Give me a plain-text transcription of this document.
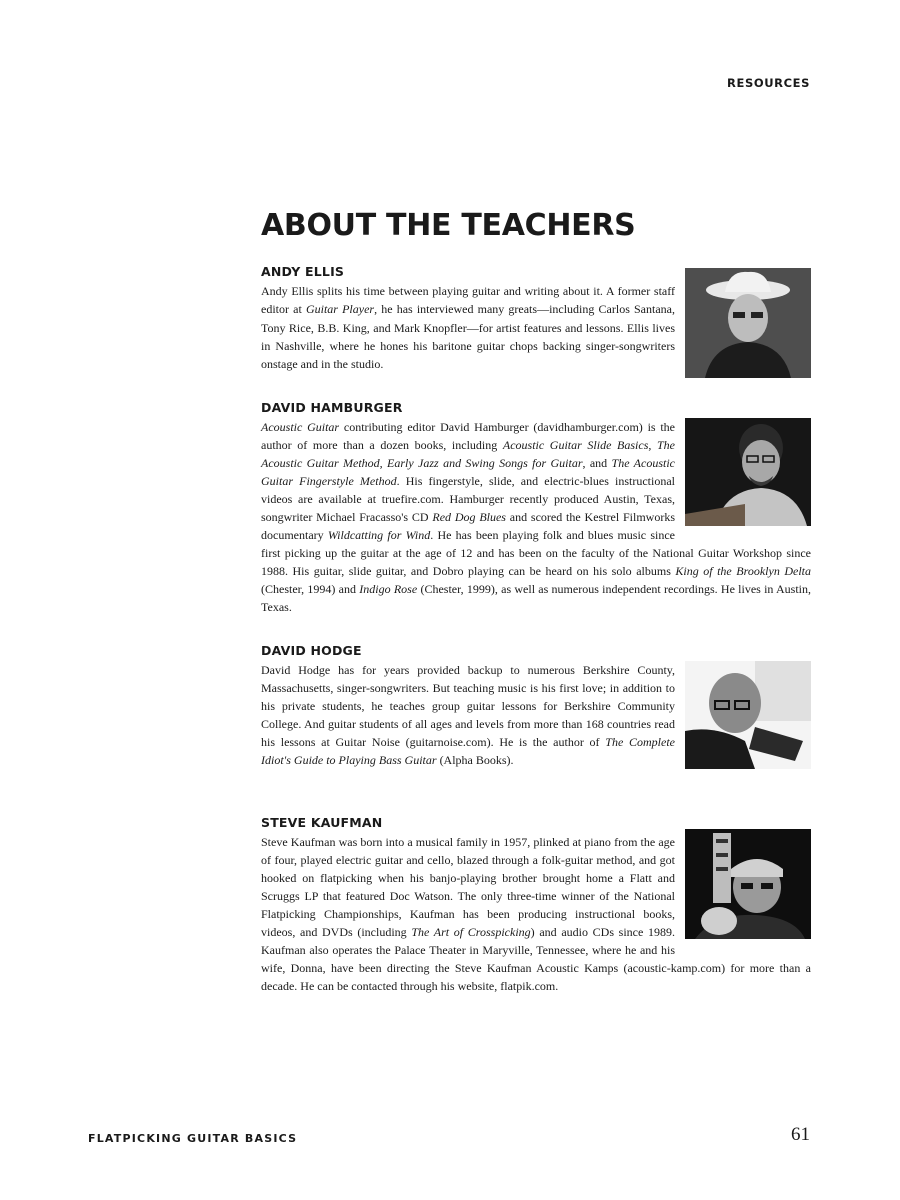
RESOURCES
ABOUT THE TEACHERS
ANDY ELLIS

Andy Ellis splits his time between playing guitar and writing about it. A former staff editor at Guitar Player, he has interviewed many greats—including Carlos Santana, Tony Rice, B.B. King, and Mark Knopfler—for artist features and lessons. Ellis lives in Nashville, where he hones his baritone guitar chops backing singer-songwriters onstage and in the studio.

DAVID HAMBURGER

Acoustic Guitar contributing editor David Hamburger (davidhamburger.com) is the author of more than a dozen books, including Acoustic Guitar Slide Basics, The Acoustic Guitar Method, Early Jazz and Swing Songs for Guitar, and The Acoustic Guitar Fingerstyle Method. His fingerstyle, slide, and electric-blues instructional videos are available at truefire.com. Hamburger recently produced Austin, Texas, songwriter Michael Fracasso's CD Red Dog Blues and scored the Kestrel Filmworks documentary Wildcatting for Wind. He has been playing folk and blues music since first picking up the guitar at the age of 12 and has been on the faculty of the National Guitar Workshop since 1988. His guitar, slide guitar, and Dobro playing can be heard on his solo albums King of the Brooklyn Delta (Chester, 1994) and Indigo Rose (Chester, 1999), as well as numerous independent recordings. He lives in Austin, Texas.

DAVID HODGE

David Hodge has for years provided backup to numerous Berkshire County, Massachusetts, singer-songwriters. But teaching music is his first love; in addition to his private students, he teaches group guitar lessons for Berkshire Community College. And guitar students of all ages and levels from more than 168 countries read his lessons at Guitar Noise (guitarnoise.com). He is the author of The Complete Idiot's Guide to Playing Bass Guitar (Alpha Books).

STEVE KAUFMAN

Steve Kaufman was born into a musical family in 1957, plinked at piano from the age of four, played electric guitar and cello, blazed through a folk-guitar method, and got hooked on flatpicking when his banjo-playing brother brought home a Flatt and Scruggs LP that featured Doc Watson. The only three-time winner of the National Flatpicking Championships, Kaufman has been producing instructional books, videos, and DVDs (including The Art of Crosspicking) and audio CDs since 1989. Kaufman also operates the Palace Theater in Maryville, Tennessee, where he and his wife, Donna, have been directing the Steve Kaufman Acoustic Kamps (acoustic-kamp.com) for more than a decade. He can be contacted through his website, flatpik.com.

FLATPICKING GUITAR BASICS	61
